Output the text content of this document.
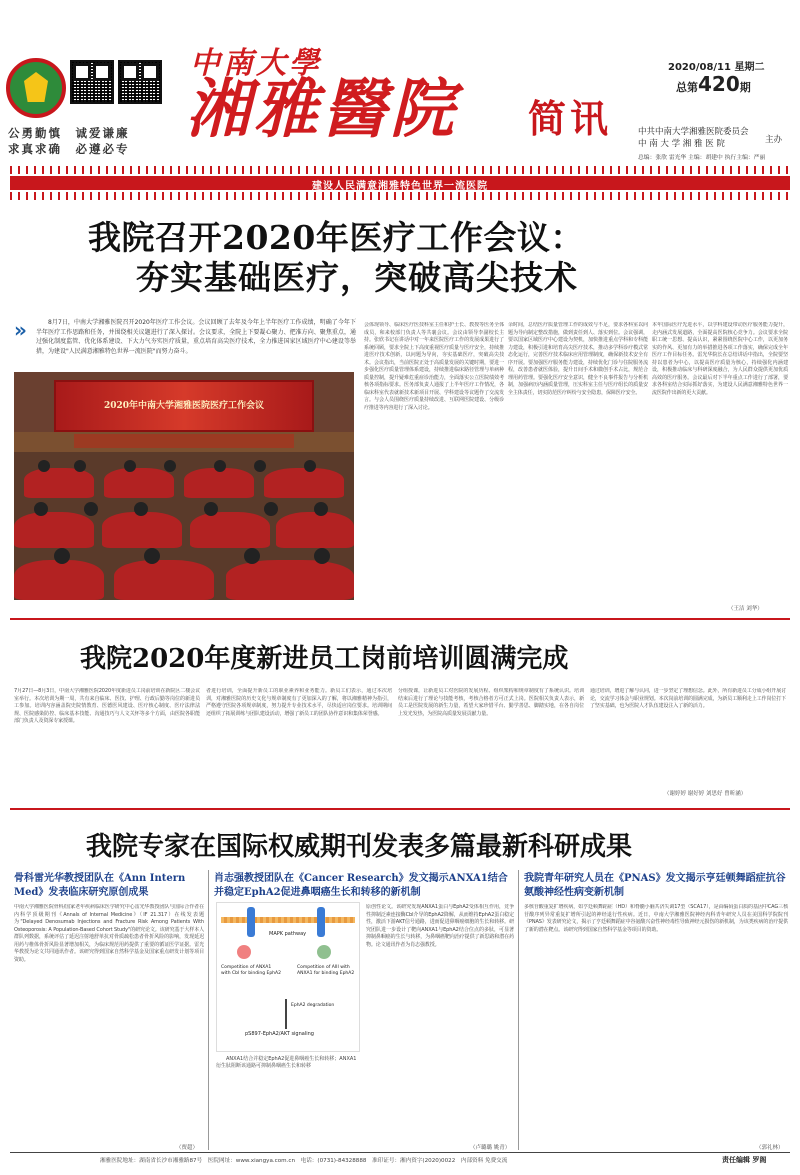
公勇勤慎　 诚爱谦廉
求真求确　 必遵必专
中南大學
湘雅醫院 简讯
2020/08/11 星期二
总第420期
中共中南大学湘雅医院委员会
中 南 大 学 湘 雅 医 院	主办
总编：张欣 雷光华 主编：胡建中 执行主编：严丽
建设人民满意湘雅特色世界一流医院
我院召开2020年医疗工作会议：
夯实基础医疗，突破高尖技术
»	8月7日，中南大学湘雅医院召开2020年医疗工作会议。会议回顾了去年及今年上半年医疗工作成绩，明确了今年下半年医疗工作思路和任务，并围绕相关议题进行了深入探讨。会议要求，全院上下要凝心聚力、把准方向、聚焦重点，通过强化制度监管、优化体系建设、下大力气夯实医疗质量，重点培育高尖医疗技术，全力推进国家区域医疗中心建设等举措，为建设"人民满意湘雅特色世界一流医院"而努力奋斗。
2020年中南大学湘雅医院医疗工作会议
会体现领导、临床医疗医技科室主任和护士长、教授等医务全体成员，和来校部门负责人等共襄会议。会议由领导李副校长主持。张欣书记在讲话中对一年来医院医疗工作的发展成果进行了系统回顾，要求全院上下高度重视医疗质量与医疗安全，持续推进医疗技术创新，以问题为导向，夯实基础医疗，突破高尖技术。会议指出，当前医院正处于高质量发展的关键时期，要进一步强化医疗质量管理体系建设，持续推进临床路径管理与单病种质量控制，提升疑难危重症诊治能力，全面落实公立医院绩效考核各项指标要求。医务部负责人通报了上半年医疗工作情况，各临床科室代表就新技术新项目开展、学科建设等议题作了交流发言。与会人员围绕医疗质量持续改进、互联网医院建设、分级诊疗推进等内容进行了深入讨论。
余时间，总结医疗质量管理工作的成效与不足，要求各科室以问题为导向制定整改措施，做到责任到人、落实到位。会议强调，要以国家区域医疗中心建设为契机，加快推进重点学科和专科能力建设，积极引进和培育高尖医疗技术，推动多学科诊疗模式常态化运行，完善医疗技术临床应用管理制度，确保新技术安全有序开展。要加强医疗服务能力建设，持续优化门诊与住院服务流程，改善患者就医体验，提升日间手术和微创手术占比，规范合理用药管理。要强化医疗安全意识，健全不良事件报告与分析机制，加强病历内涵质量管理，压实科室主任与医疗组长的质量安全主体责任，切实防范医疗纠纷与安全隐患，保障医疗安全。
本年国际医疗先进水平，以学科建设带动医疗服务能力提升，走内涵式发展道路，全面提高医院核心竞争力。会议要求全院职工统一思想、提高认识，紧紧围绕医院中心工作，以更加务实的作风、更加有力的举措推进各项工作落实，确保完成全年医疗工作目标任务。雷光华院长在总结讲话中指出，全院要坚持以患者为中心，以提高医疗质量为核心，持续强化内涵建设，积极推动临床与科研深度融合，为人民群众提供更加优质高效的医疗服务。会议最后对下半年重点工作进行了部署，要求各科室结合实际抓好落实，为建设人民满意湘雅特色世界一流医院作出新的更大贡献。
（王洁 刘华）
我院2020年度新进员工岗前培训圆满完成
7月27日—8月3日，中南大学湘雅医院2020年度新进员工岗前培训在新院区二楼会议室举行。本次培训为期一周，共有来自临床、医技、护理、行政后勤等岗位的新进员工参加。培训内容涵盖院史院情教育、医德医风建设、医疗核心制度、医疗法律法规、医院感染防控、临床基本技能、沟通技巧与人文关怀等多个方面，由医院各职能部门负责人及资深专家授课。
者进行培训，全面提升新员工的职业素养和业务能力。新员工们表示，通过本次培训，对湘雅医院的历史文化与规章制度有了更加深入的了解，将以湘雅精神为指引，严格遵守医院各项规章制度，努力提升专业技术水平，尽快适应岗位要求。培训期间还组织了拓展训练与团队建设活动，增强了新员工的团队协作意识和集体荣誉感。
分组授课，让新进员工对医院的发展历程、组织架构和规章制度有了系统认识。培训结束后进行了理论与技能考核，考核合格者方可正式上岗。医院相关负责人表示，新员工是医院发展的新生力量，希望大家珍惜平台、勤学善思、脚踏实地，在各自岗位上发光发热，为医院高质量发展贡献力量。
通过培训，增进了解与认同，进一步坚定了理想信念。此外，所有新进员工分成小组开展讨论，交流学习体会与职业规划。本次岗前培训的圆满完成，为新员工顺利走上工作岗位打下了坚实基础，也为医院人才队伍建设注入了新的活力。
（谢婷婷 谢好婷 刘思好 曾昕涵）
我院专家在国际权威期刊发表多篇最新科研成果
骨科雷光华教授团队在《Ann Intern Med》发表临床研究原创成果
中南大学湘雅医院骨科/国家老年疾病临床医学研究中心雷光华教授团队与国际合作者在内科学顶级期刊《Annals of Internal Medicine》（IF 21.317）在线发表题为"Delayed Denosumab Injections and Fracture Risk Among Patients With Osteoporosis: A Population-Based Cohort Study"的研究论文。该研究基于大样本人群队列数据，系统评估了延迟注射地舒单抗对骨质疏松患者骨折风险的影响，发现延迟用药与椎体骨折风险显著增加相关，为临床规范用药提供了重要的循证医学证据。雷光华教授为论文共同通讯作者。该研究得到国家自然科学基金及国家重点研发计划等项目资助。
（贾超）
肖志强教授团队在《Cancer Research》发文揭示ANXA1结合并稳定EphA2促进鼻咽癌生长和转移的新机制
MAPK pathway
Competition of ANXA1 with Cbl for binding EphA2
Competition of AIII with ANXA1 for binding EphA2
EphA2 degradation
pS897-EphA2/AKT signaling
ANXA1结合并稳定EphA2促进鼻咽癌生长和转移；ANXA1衍生肽阻断该通路可抑制鼻咽癌生长和转移
原创性论文。该研究发现ANXA1蛋白与EphA2受体相互作用，竞争性抑制泛素连接酶Cbl介导的EphA2降解，从而维持EphA2蛋白稳定性，激活下游AKT信号通路，进而促进鼻咽癌细胞的生长和转移。研究团队进一步设计了靶向ANXA1与EphA2结合位点的多肽，可显著抑制鼻咽癌的生长与转移，为鼻咽癌靶向治疗提供了新思路和潜在药物。论文通讯作者为肖志强教授。
（卢璐璐 姚青）
我院青年研究人员在《PNAS》发文揭示亨廷顿舞蹈症抗谷氨酸神经性病变新机制
多核苷酸重复扩增疾病，如亨廷顿舞蹈症（HD）和脊髓小脑共济失调17型（SCA17），是由编码蛋白质的基因中CAG三核苷酸序列异常重复扩增所引起的神经退行性疾病。近日，中南大学湘雅医院神经内科青年研究人员在美国科学院院刊《PNAS》发表研究论文，揭示了亨廷顿舞蹈症中谷氨酸兴奋性神经毒性导致神经元损伤的新机制，为该类疾病的治疗提供了新的潜在靶点。该研究得到国家自然科学基金等项目的资助。
（郭礼林）
湘雅医院地址：湖南省长沙市湘雅路87号　医院网址：www.xiangya.com.cn　电话：(0731)-84328888　准印证号：湘内资字(2020)0022　内部资料 免费交流	责任编辑 罗阁
